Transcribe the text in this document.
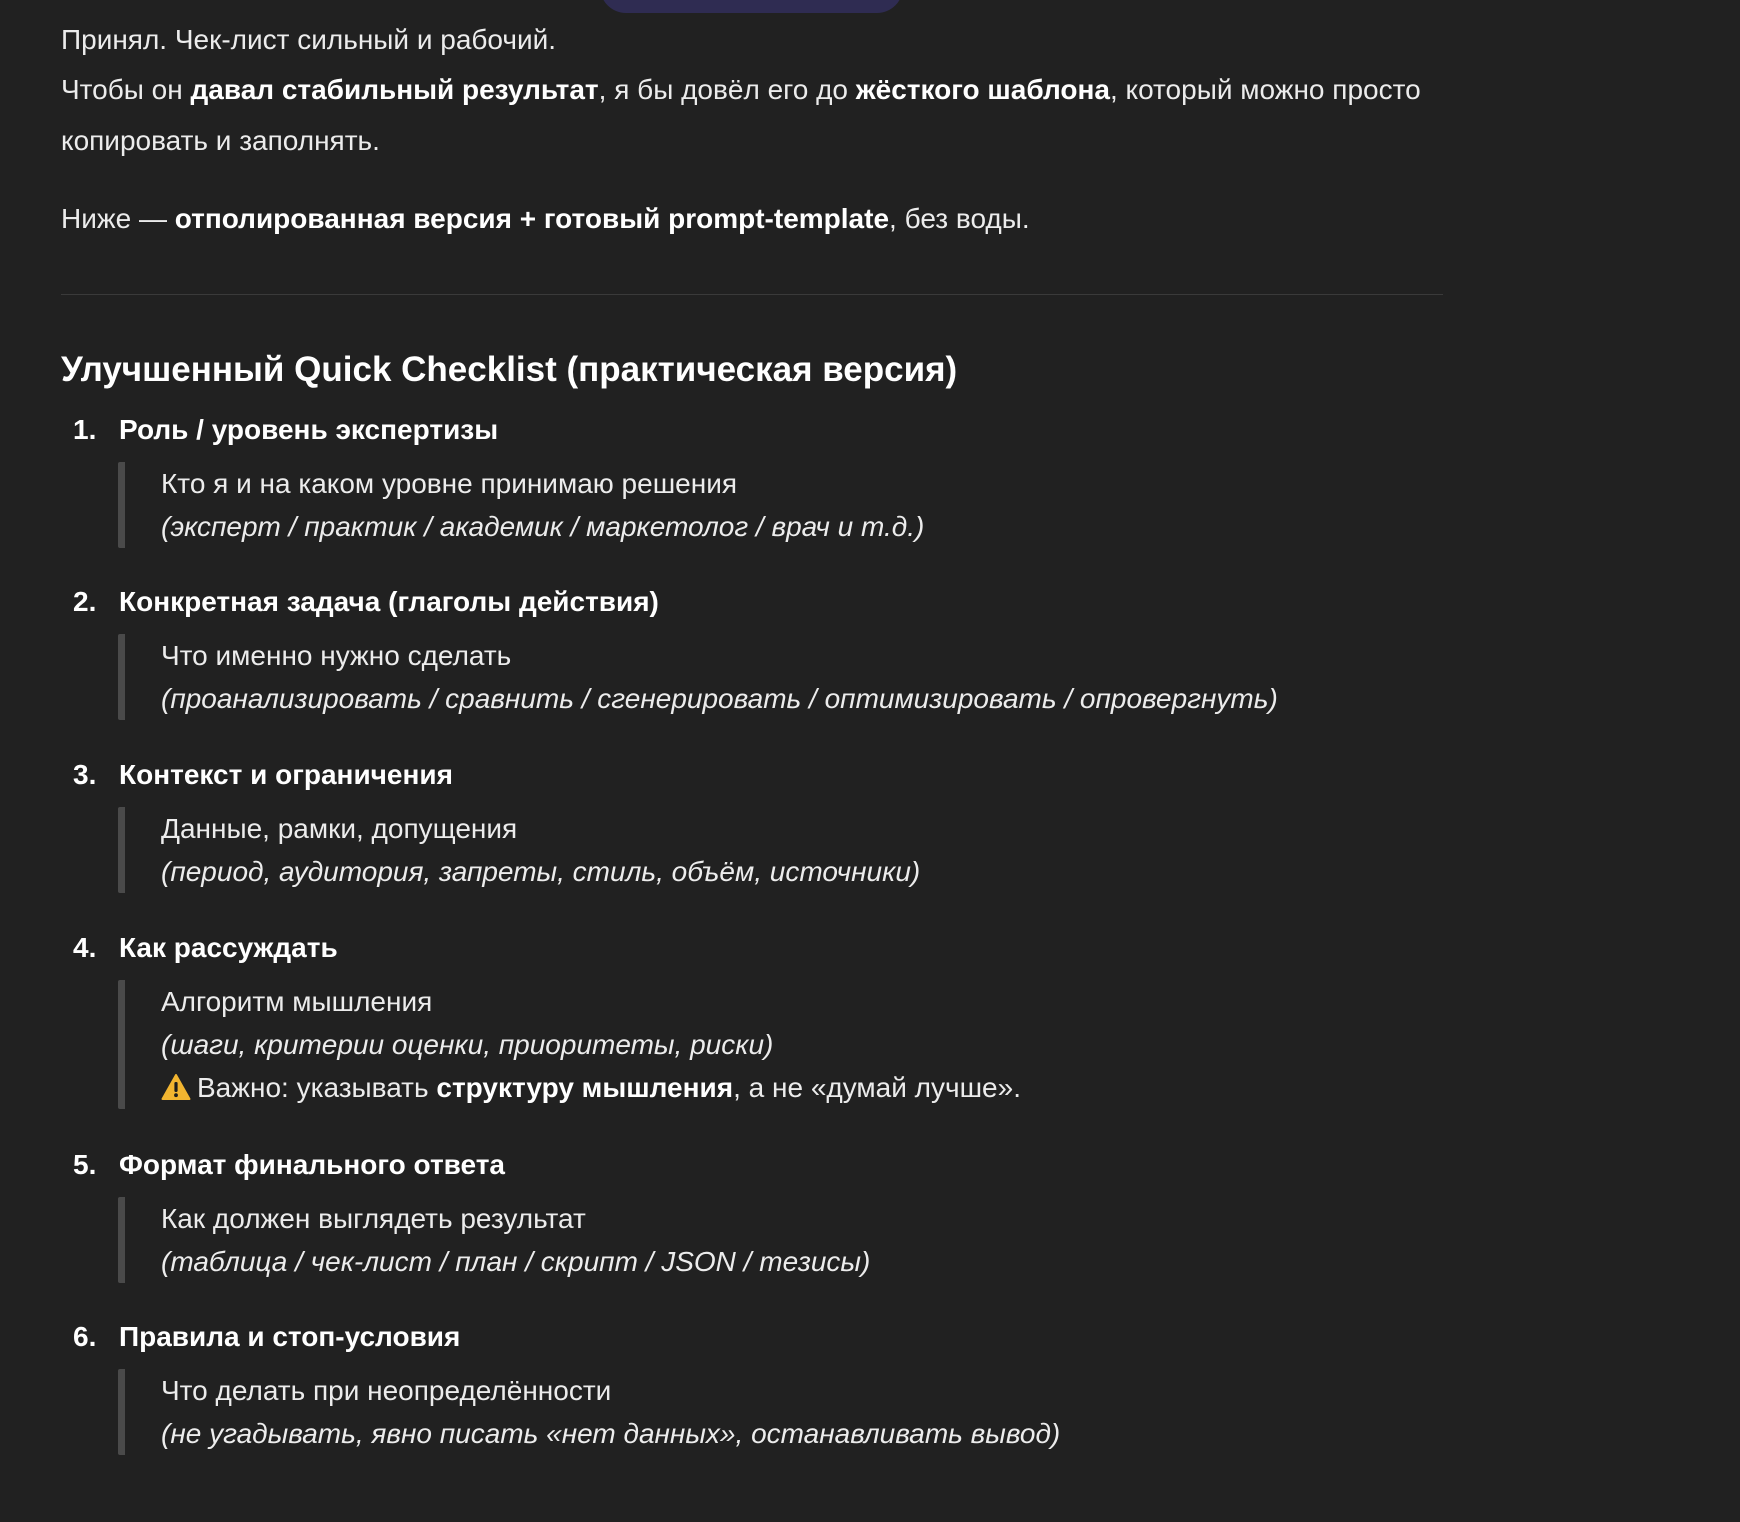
Принял. Чек-лист сильный и рабочий.

Чтобы он давал стабильный результат, я бы довёл его до жёсткого шаблона, который можно просто копировать и заполнять.

Ниже — отполированная версия + готовый prompt-template, без воды.

Улучшенный Quick Checklist (практическая версия)
1. Роль / уровень экспертизы
Кто я и на каком уровне принимаю решения
(эксперт / практик / академик / маркетолог / врач и т.д.)
2. Конкретная задача (глаголы действия)
Что именно нужно сделать
(проанализировать / сравнить / сгенерировать / оптимизировать / опровергнуть)
3. Контекст и ограничения
Данные, рамки, допущения
(период, аудитория, запреты, стиль, объём, источники)
4. Как рассуждать
Алгоритм мышления
(шаги, критерии оценки, приоритеты, риски)
Важно: указывать структуру мышления, а не «думай лучше».
5. Формат финального ответа
Как должен выглядеть результат
(таблица / чек-лист / план / скрипт / JSON / тезисы)
6. Правила и стоп-условия
Что делать при неопределённости
(не угадывать, явно писать «нет данных», останавливать вывод)
